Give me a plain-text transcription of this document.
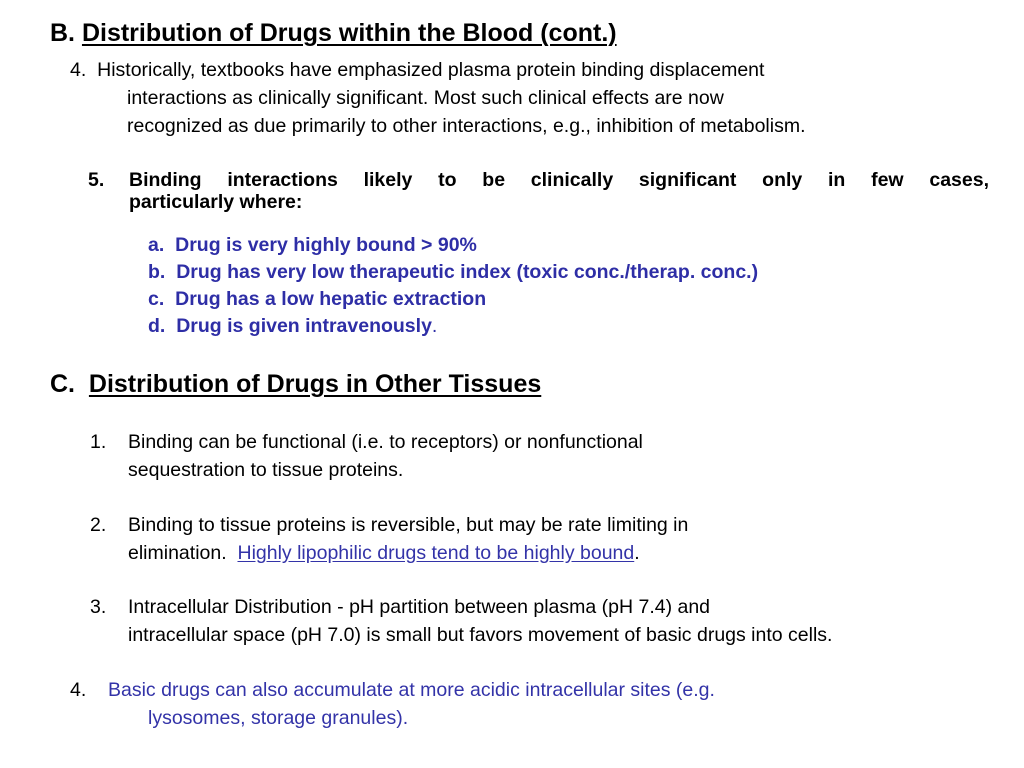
B. Distribution of Drugs within the Blood (cont.)
4. Historically, textbooks have emphasized plasma protein binding displacement
interactions as clinically significant. Most such clinical effects are now
recognized as due primarily to other interactions, e.g., inhibition of metabolism.
5. Binding interactions likely to be clinically significant only in few cases,
particularly where:
a. Drug is very highly bound > 90%
b. Drug has very low therapeutic index (toxic conc./therap. conc.)
c. Drug has a low hepatic extraction
d. Drug is given intravenously.
C. Distribution of Drugs in Other Tissues
1. Binding can be functional (i.e. to receptors) or nonfunctional
sequestration to tissue proteins.
2. Binding to tissue proteins is reversible, but may be rate limiting in
elimination. Highly lipophilic drugs tend to be highly bound.
3. Intracellular Distribution - pH partition between plasma (pH 7.4) and
intracellular space (pH 7.0) is small but favors movement of basic drugs into cells.
4. Basic drugs can also accumulate at more acidic intracellular sites (e.g.
lysosomes, storage granules).
